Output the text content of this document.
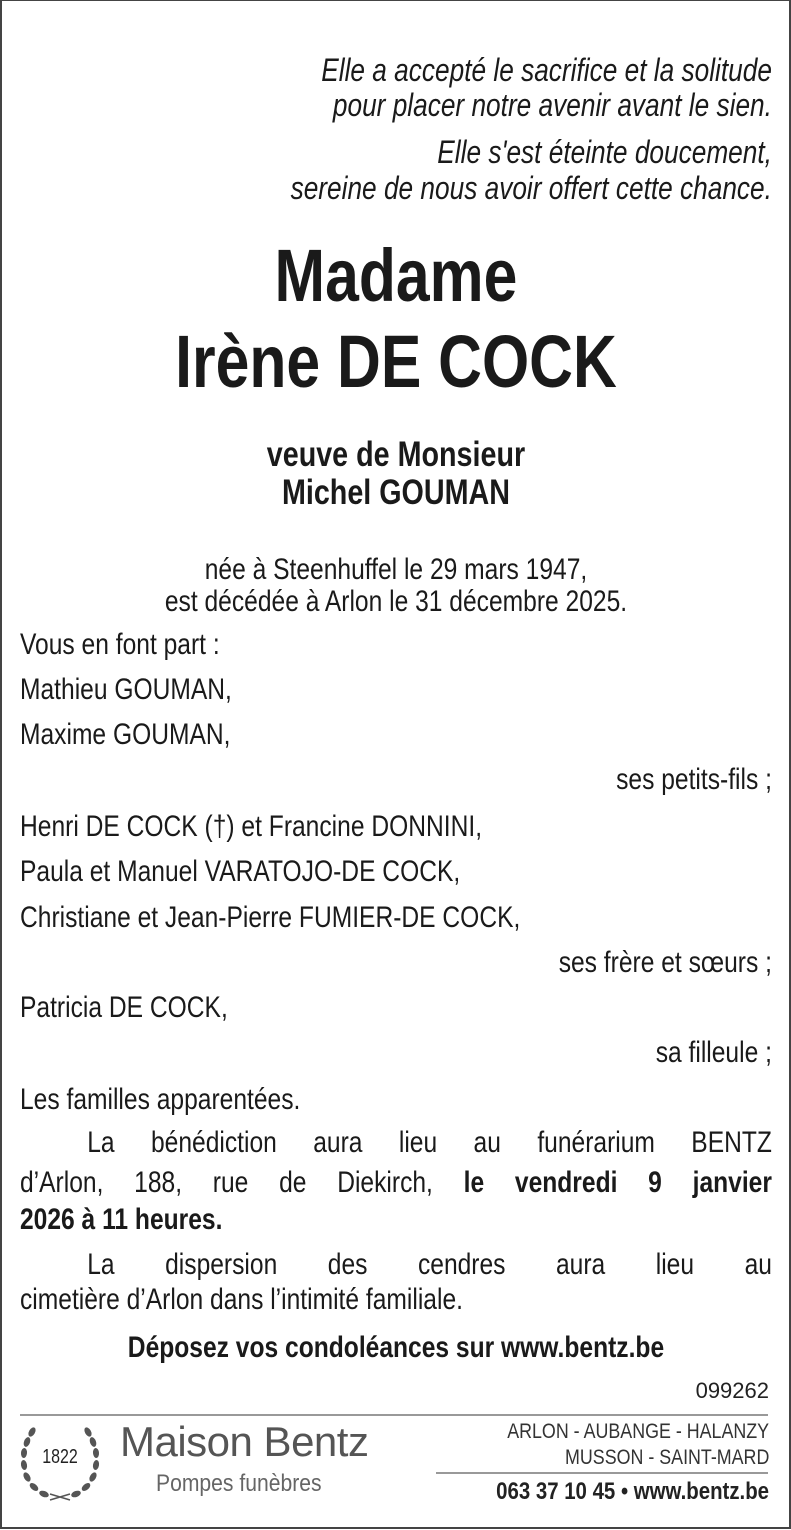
Elle a accepté le sacrifice et la solitude
pour placer notre avenir avant le sien.
Elle s'est éteinte doucement,
sereine de nous avoir offert cette chance.
Madame
Irène DE COCK
veuve de Monsieur
Michel GOUMAN
née à Steenhuffel le 29 mars 1947,
est décédée à Arlon le 31 décembre 2025.
Vous en font part :
Mathieu GOUMAN,
Maxime GOUMAN,
ses petits-fils ;
Henri DE COCK (†) et Francine DONNINI,
Paula et Manuel VARATOJO-DE COCK,
Christiane et Jean-Pierre FUMIER-DE COCK,
ses frère et sœurs ;
Patricia DE COCK,
sa filleule ;
Les familles apparentées.
La bénédiction aura lieu au funérarium BENTZ
d’Arlon, 188, rue de Diekirch, le vendredi 9 janvier
2026 à 11 heures.
La dispersion des cendres aura lieu au
cimetière d’Arlon dans l’intimité familiale.
Déposez vos condoléances sur www.bentz.be
099262
1822 Maison Bentz
Pompes funèbres
ARLON - AUBANGE - HALANZY
MUSSON - SAINT-MARD
063 37 10 45 • www.bentz.be
